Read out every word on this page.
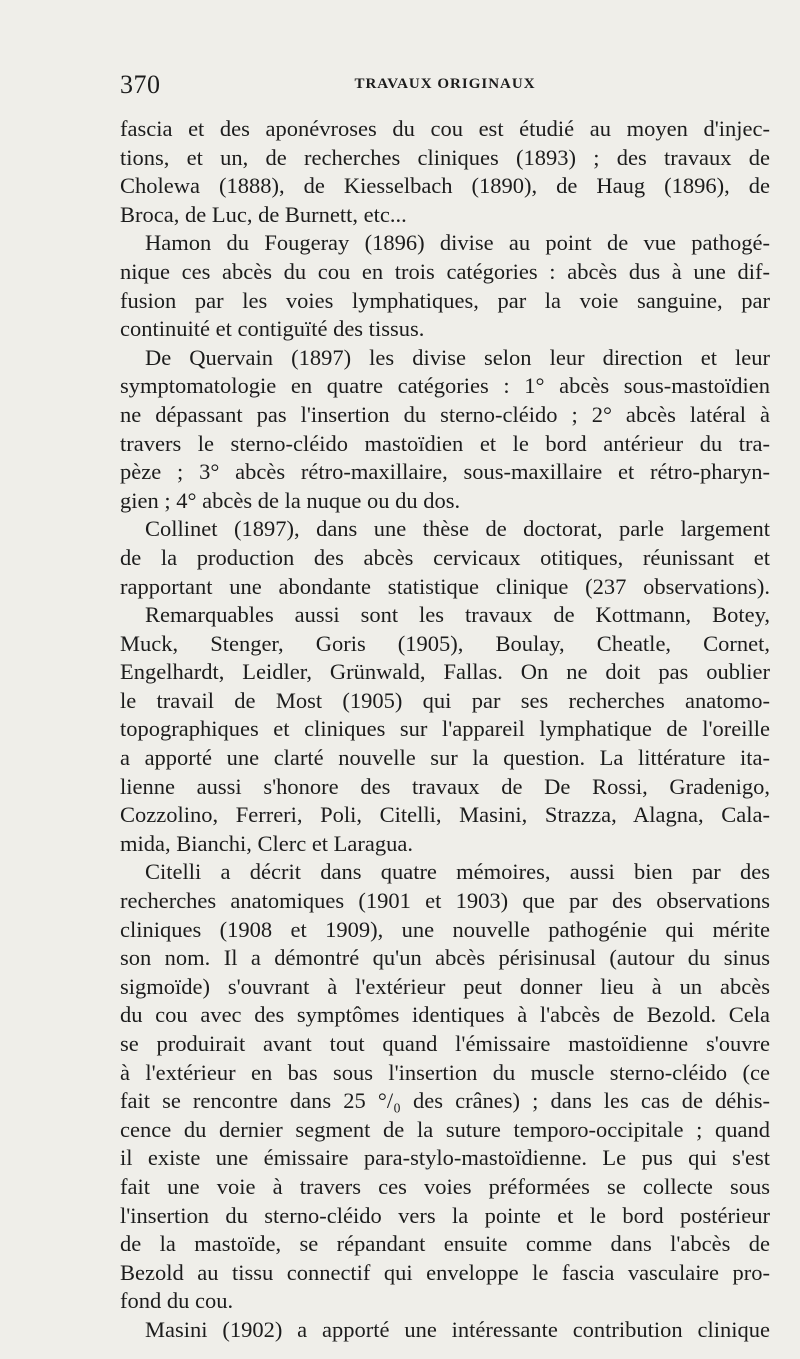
370	TRAVAUX ORIGINAUX
fascia et des aponévroses du cou est étudié au moyen d'injec-
tions, et un, de recherches cliniques (1893) ; des travaux de
Cholewa (1888), de Kiesselbach (1890), de Haug (1896), de
Broca, de Luc, de Burnett, etc...
Hamon du Fougeray (1896) divise au point de vue pathogé-
nique ces abcès du cou en trois catégories : abcès dus à une dif-
fusion par les voies lymphatiques, par la voie sanguine, par
continuité et contiguïté des tissus.
De Quervain (1897) les divise selon leur direction et leur
symptomatologie en quatre catégories : 1° abcès sous-mastoïdien
ne dépassant pas l'insertion du sterno-cléido ; 2° abcès latéral à
travers le sterno-cléido mastoïdien et le bord antérieur du tra-
pèze ; 3° abcès rétro-maxillaire, sous-maxillaire et rétro-pharyn-
gien ; 4° abcès de la nuque ou du dos.
Collinet (1897), dans une thèse de doctorat, parle largement
de la production des abcès cervicaux otitiques, réunissant et
rapportant une abondante statistique clinique (237 observations).
Remarquables aussi sont les travaux de Kottmann, Botey,
Muck, Stenger, Goris (1905), Boulay, Cheatle, Cornet,
Engelhardt, Leidler, Grünwald, Fallas. On ne doit pas oublier
le travail de Most (1905) qui par ses recherches anatomo-
topographiques et cliniques sur l'appareil lymphatique de l'oreille
a apporté une clarté nouvelle sur la question. La littérature ita-
lienne aussi s'honore des travaux de De Rossi, Gradenigo,
Cozzolino, Ferreri, Poli, Citelli, Masini, Strazza, Alagna, Cala-
mida, Bianchi, Clerc et Laragua.
Citelli a décrit dans quatre mémoires, aussi bien par des
recherches anatomiques (1901 et 1903) que par des observations
cliniques (1908 et 1909), une nouvelle pathogénie qui mérite
son nom. Il a démontré qu'un abcès périsinusal (autour du sinus
sigmoïde) s'ouvrant à l'extérieur peut donner lieu à un abcès
du cou avec des symptômes identiques à l'abcès de Bezold. Cela
se produirait avant tout quand l'émissaire mastoïdienne s'ouvre
à l'extérieur en bas sous l'insertion du muscle sterno-cléido (ce
fait se rencontre dans 25 °/₀ des crânes) ; dans les cas de déhis-
cence du dernier segment de la suture temporo-occipitale ; quand
il existe une émissaire para-stylo-mastoïdienne. Le pus qui s'est
fait une voie à travers ces voies préformées se collecte sous
l'insertion du sterno-cléido vers la pointe et le bord postérieur
de la mastoïde, se répandant ensuite comme dans l'abcès de
Bezold au tissu connectif qui enveloppe le fascia vasculaire pro-
fond du cou.
Masini (1902) a apporté une intéressante contribution clinique
